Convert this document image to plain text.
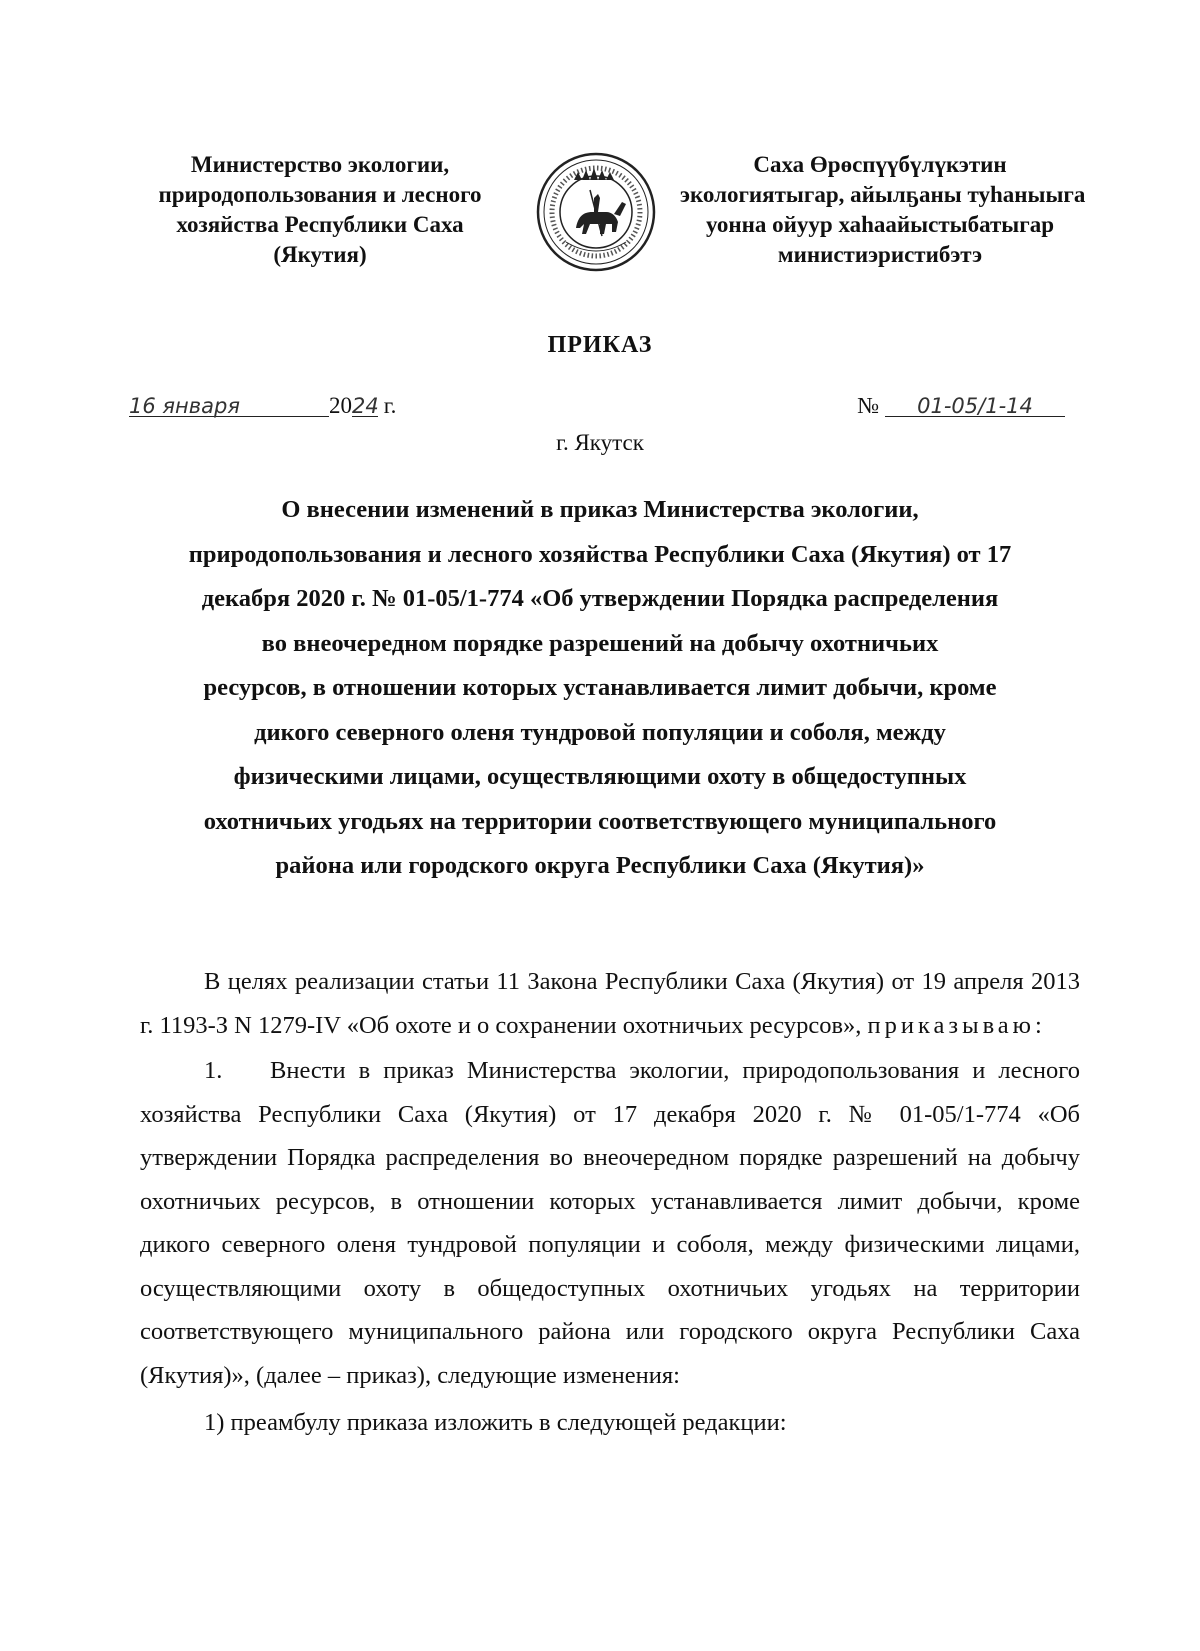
Министерство экологии,
природопользования и лесного
хозяйства Республики Саха
(Якутия)
Саха Өрөспүүбүлүкэтин
экологиятыгар, айылҕаны туһаныыга
уонна ойуур хаһаайыстыбатыгар
министиэристибэтэ
ПРИКАЗ
16 января	2024 г.	№ 01-05/1-14
г. Якутск
О внесении изменений в приказ Министерства экологии,
природопользования и лесного хозяйства Республики Саха (Якутия) от 17
декабря 2020 г. № 01-05/1-774 «Об утверждении Порядка распределения
во внеочередном порядке разрешений на добычу охотничьих
ресурсов, в отношении которых устанавливается лимит добычи, кроме
дикого северного оленя тундровой популяции и соболя, между
физическими лицами, осуществляющими охоту в общедоступных
охотничьих угодьях на территории соответствующего муниципального
района или городского округа Республики Саха (Якутия)»

В целях реализации статьи 11 Закона Республики Саха (Якутия) от 19 апреля 2013 г. 1193-З N 1279-IV «Об охоте и о сохранении охотничьих ресурсов», приказываю:

1. Внести в приказ Министерства экологии, природопользования и лесного хозяйства Республики Саха (Якутия) от 17 декабря 2020 г. № 01-05/1-774 «Об утверждении Порядка распределения во внеочередном порядке разрешений на добычу охотничьих ресурсов, в отношении которых устанавливается лимит добычи, кроме дикого северного оленя тундровой популяции и соболя, между физическими лицами, осуществляющими охоту в общедоступных охотничьих угодьях на территории соответствующего муниципального района или городского округа Республики Саха (Якутия)», (далее – приказ), следующие изменения:

1) преамбулу приказа изложить в следующей редакции:
